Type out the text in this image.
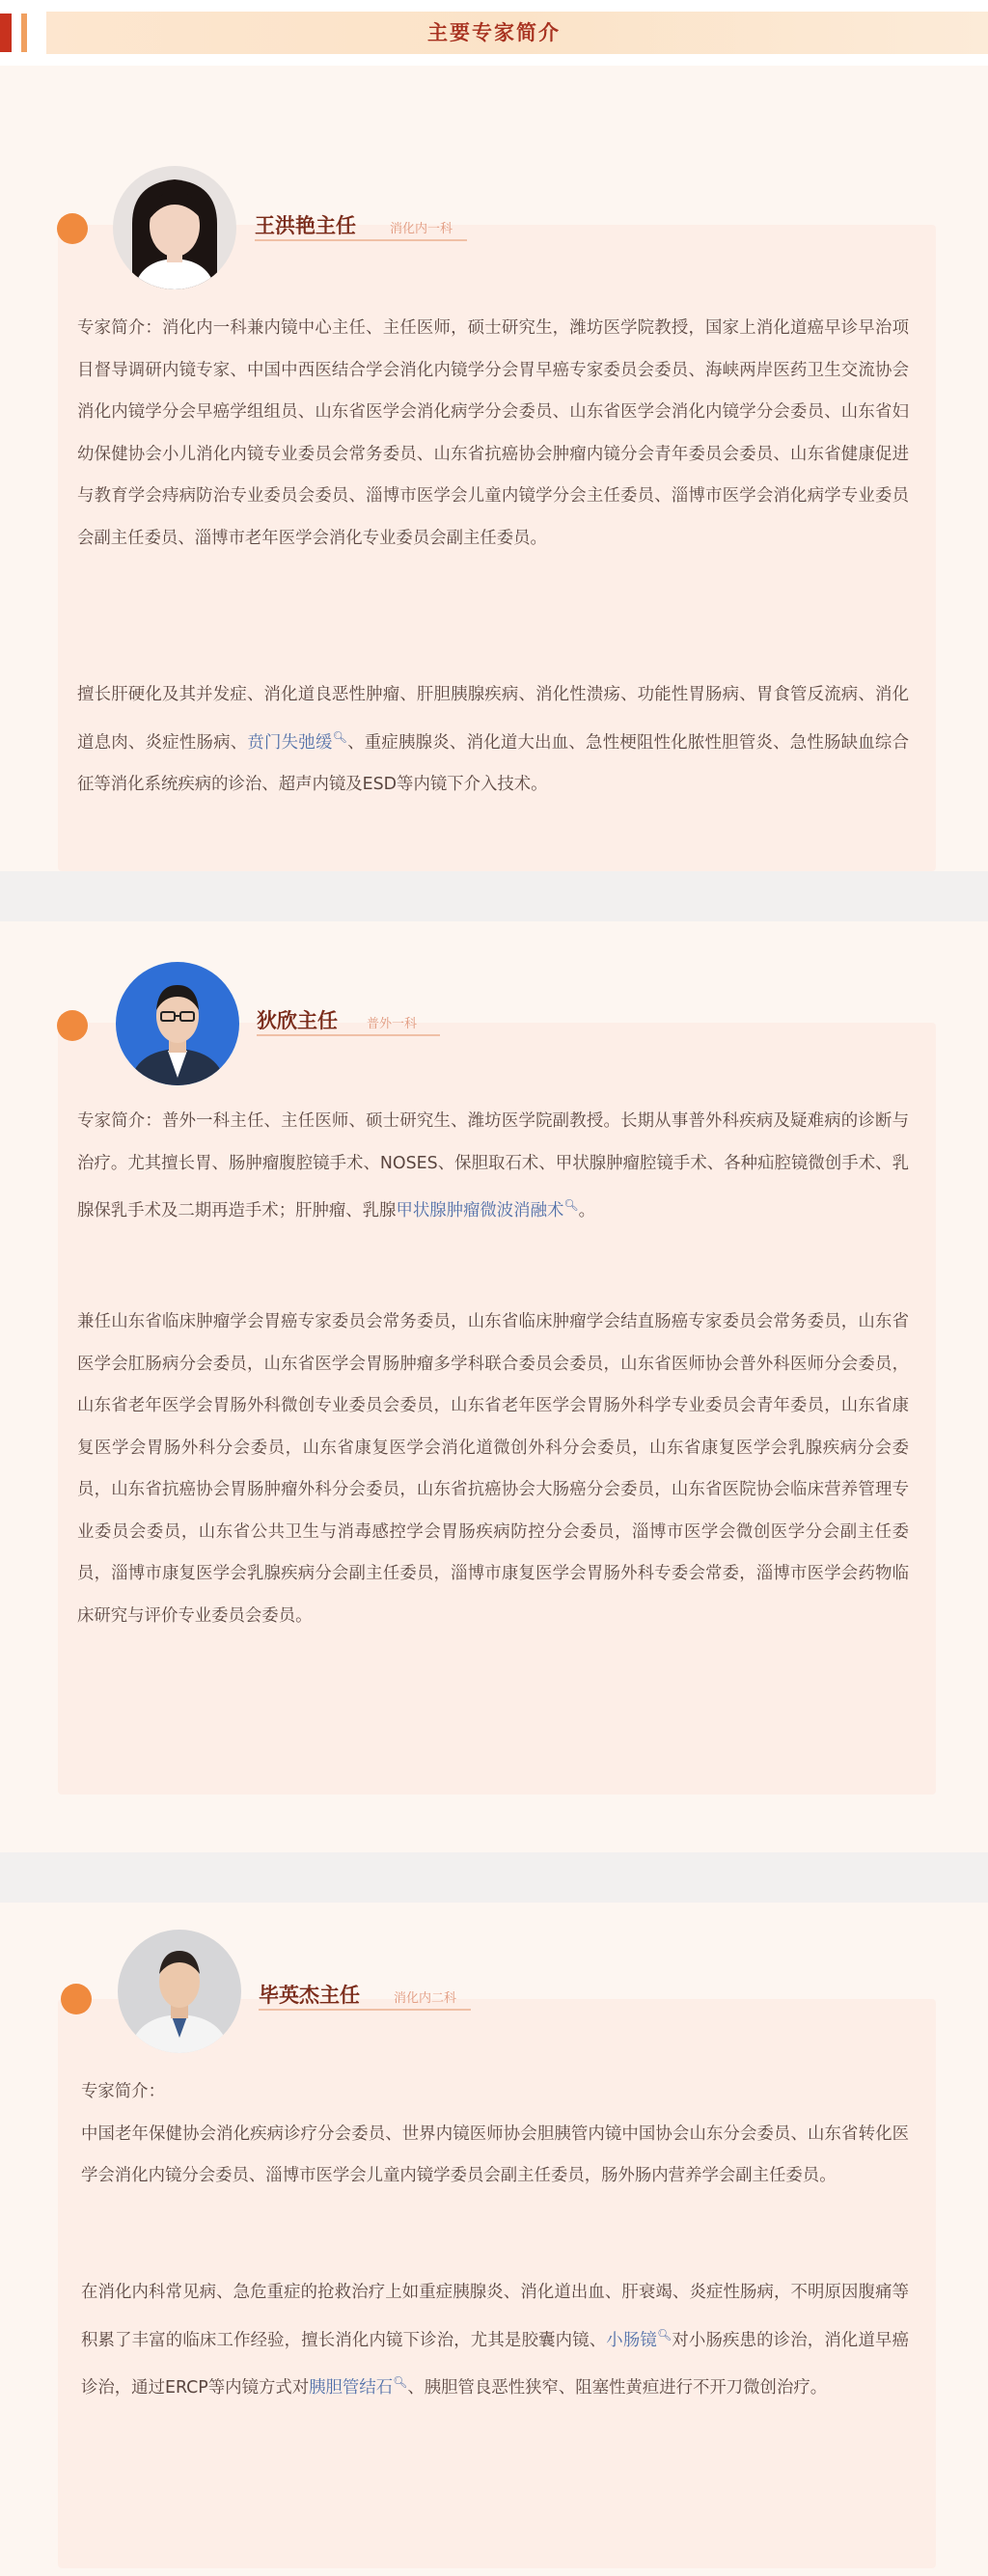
主要专家简介
王洪艳主任	消化内一科

专家简介：消化内一科兼内镜中心主任、主任医师，硕士研究生，潍坊医学院教授，国家上消化道癌早诊早治项目督导调研内镜专家、中国中西医结合学会消化内镜学分会胃早癌专家委员会委员、海峡两岸医药卫生交流协会消化内镜学分会早癌学组组员、山东省医学会消化病学分会委员、山东省医学会消化内镜学分会委员、山东省妇幼保健协会小儿消化内镜专业委员会常务委员、山东省抗癌协会肿瘤内镜分会青年委员会委员、山东省健康促进与教育学会痔病防治专业委员会委员、淄博市医学会儿童内镜学分会主任委员、淄博市医学会消化病学专业委员会副主任委员、淄博市老年医学会消化专业委员会副主任委员。

擅长肝硬化及其并发症、消化道良恶性肿瘤、肝胆胰腺疾病、消化性溃疡、功能性胃肠病、胃食管反流病、消化道息肉、炎症性肠病、贲门失弛缓🔍︎、重症胰腺炎、消化道大出血、急性梗阻性化脓性胆管炎、急性肠缺血综合征等消化系统疾病的诊治、超声内镜及ESD等内镜下介入技术。

狄欣主任 普外一科

专家简介：普外一科主任、主任医师、硕士研究生、潍坊医学院副教授。长期从事普外科疾病及疑难病的诊断与治疗。尤其擅长胃、肠肿瘤腹腔镜手术、NOSES、保胆取石术、甲状腺肿瘤腔镜手术、各种疝腔镜微创手术、乳腺保乳手术及二期再造手术；肝肿瘤、乳腺甲状腺肿瘤微波消融术🔍︎。

兼任山东省临床肿瘤学会胃癌专家委员会常务委员，山东省临床肿瘤学会结直肠癌专家委员会常务委员，山东省医学会肛肠病分会委员，山东省医学会胃肠肿瘤多学科联合委员会委员，山东省医师协会普外科医师分会委员，山东省老年医学会胃肠外科微创专业委员会委员，山东省老年医学会胃肠外科学专业委员会青年委员，山东省康复医学会胃肠外科分会委员，山东省康复医学会消化道微创外科分会委员，山东省康复医学会乳腺疾病分会委员，山东省抗癌协会胃肠肿瘤外科分会委员，山东省抗癌协会大肠癌分会委员，山东省医院协会临床营养管理专业委员会委员，山东省公共卫生与消毒感控学会胃肠疾病防控分会委员，淄博市医学会微创医学分会副主任委员，淄博市康复医学会乳腺疾病分会副主任委员，淄博市康复医学会胃肠外科专委会常委，淄博市医学会药物临床研究与评价专业委员会委员。

毕英杰主任	消化内二科

专家简介：
中国老年保健协会消化疾病诊疗分会委员、世界内镜医师协会胆胰管内镜中国协会山东分会委员、山东省转化医学会消化内镜分会委员、淄博市医学会儿童内镜学委员会副主任委员，肠外肠内营养学会副主任委员。

在消化内科常见病、急危重症的抢救治疗上如重症胰腺炎、消化道出血、肝衰竭、炎症性肠病，不明原因腹痛等积累了丰富的临床工作经验，擅长消化内镜下诊治，尤其是胶囊内镜、小肠镜🔍︎对小肠疾患的诊治，消化道早癌诊治，通过ERCP等内镜方式对胰胆管结石🔍︎、胰胆管良恶性狭窄、阻塞性黄疸进行不开刀微创治疗。
